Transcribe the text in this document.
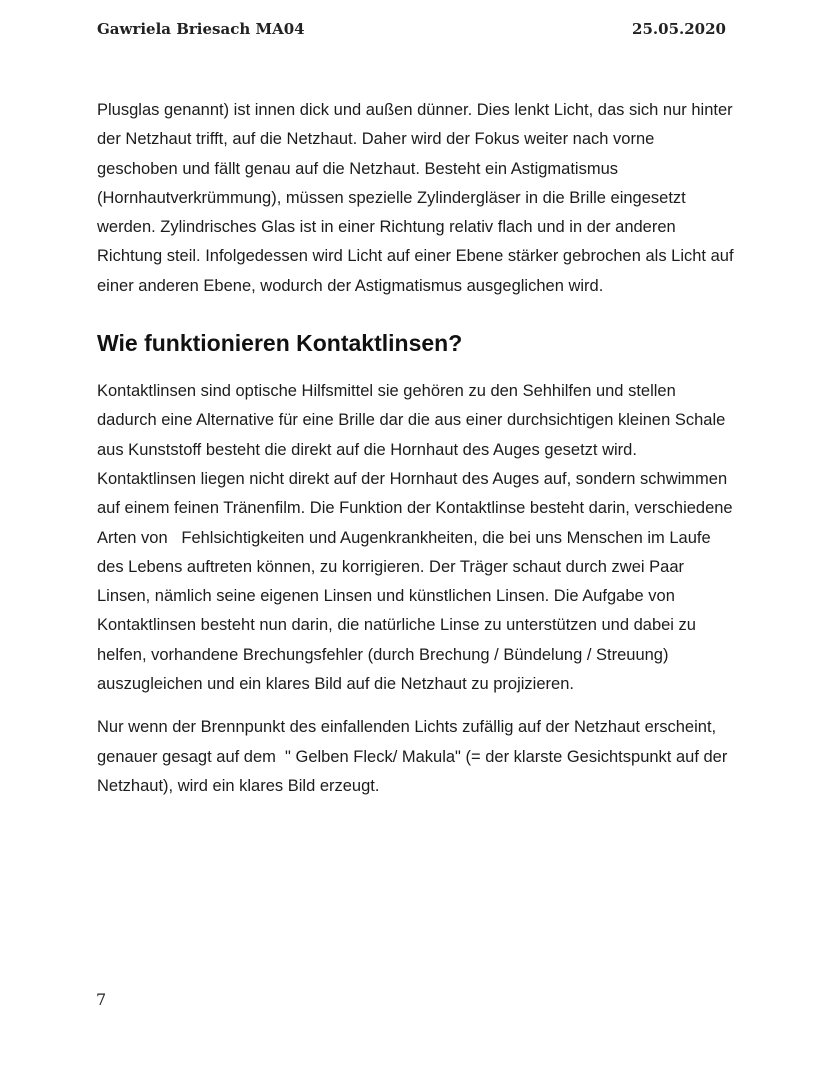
Gawriela Briesach MA04	25.05.2020

Plusglas genannt) ist innen dick und außen dünner. Dies lenkt Licht, das sich nur hinter der Netzhaut trifft, auf die Netzhaut. Daher wird der Fokus weiter nach vorne geschoben und fällt genau auf die Netzhaut. Besteht ein Astigmatismus (Hornhautverkrümmung), müssen spezielle Zylindergläser in die Brille eingesetzt werden. Zylindrisches Glas ist in einer Richtung relativ flach und in der anderen Richtung steil. Infolgedessen wird Licht auf einer Ebene stärker gebrochen als Licht auf einer anderen Ebene, wodurch der Astigmatismus ausgeglichen wird.

Wie funktionieren Kontaktlinsen?

Kontaktlinsen sind optische Hilfsmittel sie gehören zu den Sehhilfen und stellen dadurch eine Alternative für eine Brille dar die aus einer durchsichtigen kleinen Schale aus Kunststoff besteht die direkt auf die Hornhaut des Auges gesetzt wird. Kontaktlinsen liegen nicht direkt auf der Hornhaut des Auges auf, sondern schwimmen auf einem feinen Tränenfilm. Die Funktion der Kontaktlinse besteht darin, verschiedene Arten von   Fehlsichtigkeiten und Augenkrankheiten, die bei uns Menschen im Laufe des Lebens auftreten können, zu korrigieren. Der Träger schaut durch zwei Paar Linsen, nämlich seine eigenen Linsen und künstlichen Linsen. Die Aufgabe von Kontaktlinsen besteht nun darin, die natürliche Linse zu unterstützen und dabei zu helfen, vorhandene Brechungsfehler (durch Brechung / Bündelung / Streuung) auszugleichen und ein klares Bild auf die Netzhaut zu projizieren.

Nur wenn der Brennpunkt des einfallenden Lichts zufällig auf der Netzhaut erscheint, genauer gesagt auf dem  " Gelben Fleck/ Makula" (= der klarste Gesichtspunkt auf der Netzhaut), wird ein klares Bild erzeugt.

7
